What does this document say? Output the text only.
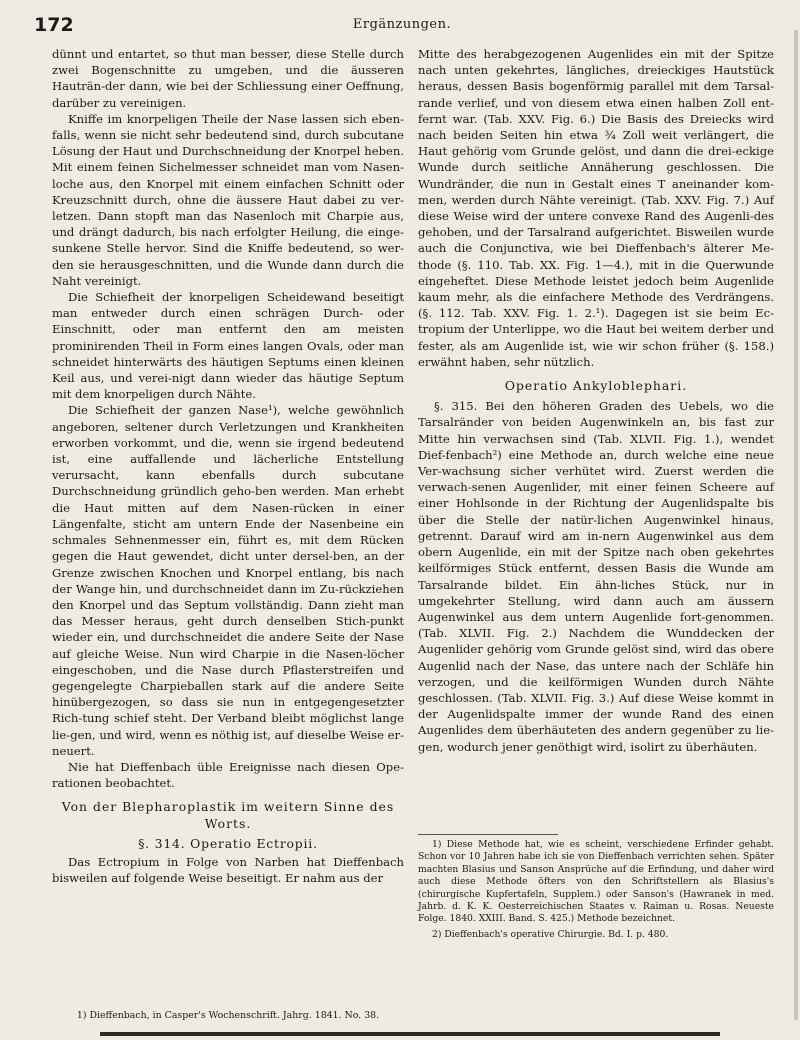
172	Ergänzungen.

dünnt und entartet, so thut man besser, diese Stelle durch zwei Bogenschnitte zu umgeben, und die äusseren Hauträn-der dann, wie bei der Schliessung einer Oeffnung, darüber zu vereinigen.

Kniffe im knorpeligen Theile der Nase lassen sich eben-falls, wenn sie nicht sehr bedeutend sind, durch subcutane Lösung der Haut und Durchschneidung der Knorpel heben. Mit einem feinen Sichelmesser schneidet man vom Nasen-loche aus, den Knorpel mit einem einfachen Schnitt oder Kreuzschnitt durch, ohne die äussere Haut dabei zu ver-letzen. Dann stopft man das Nasenloch mit Charpie aus, und drängt dadurch, bis nach erfolgter Heilung, die einge-sunkene Stelle hervor. Sind die Kniffe bedeutend, so wer-den sie herausgeschnitten, und die Wunde dann durch die Naht vereinigt.

Die Schiefheit der knorpeligen Scheidewand beseitigt man entweder durch einen schrägen Durch- oder Einschnitt, oder man entfernt den am meisten prominirenden Theil in Form eines langen Ovals, oder man schneidet hinterwärts des häutigen Septums einen kleinen Keil aus, und verei-nigt dann wieder das häutige Septum mit dem knorpeligen durch Nähte.

Die Schiefheit der ganzen Nase¹), welche gewöhnlich angeboren, seltener durch Verletzungen und Krankheiten erworben vorkommt, und die, wenn sie irgend bedeutend ist, eine auffallende und lächerliche Entstellung verursacht, kann ebenfalls durch subcutane Durchschneidung gründlich geho-ben werden. Man erhebt die Haut mitten auf dem Nasen-rücken in einer Längenfalte, sticht am untern Ende der Nasenbeine ein schmales Sehnenmesser ein, führt es, mit dem Rücken gegen die Haut gewendet, dicht unter dersel-ben, an der Grenze zwischen Knochen und Knorpel entlang, bis nach der Wange hin, und durchschneidet dann im Zu-rückziehen den Knorpel und das Septum vollständig. Dann zieht man das Messer heraus, geht durch denselben Stich-punkt wieder ein, und durchschneidet die andere Seite der Nase auf gleiche Weise. Nun wird Charpie in die Nasen-löcher eingeschoben, und die Nase durch Pflasterstreifen und gegengelegte Charpieballen stark auf die andere Seite hinübergezogen, so dass sie nun in entgegengesetzter Rich-tung schief steht. Der Verband bleibt möglichst lange lie-gen, und wird, wenn es nöthig ist, auf dieselbe Weise er-neuert.

Nie hat Dieffenbach üble Ereignisse nach diesen Ope-rationen beobachtet.

Von der Blepharoplastik im weitern Sinne des Worts.
§. 314. Operatio Ectropii.

Das Ectropium in Folge von Narben hat Dieffenbach bisweilen auf folgende Weise beseitigt. Er nahm aus der

1) Dieffenbach, in Casper's Wochenschrift. Jahrg. 1841. No. 38.

Mitte des herabgezogenen Augenlides ein mit der Spitze nach unten gekehrtes, längliches, dreieckiges Hautstück heraus, dessen Basis bogenförmig parallel mit dem Tarsal-rande verlief, und von diesem etwa einen halben Zoll ent-fernt war. (Tab. XXV. Fig. 6.) Die Basis des Dreiecks wird nach beiden Seiten hin etwa ¾ Zoll weit verlängert, die Haut gehörig vom Grunde gelöst, und dann die drei-eckige Wunde durch seitliche Annäherung geschlossen. Die Wundränder, die nun in Gestalt eines T aneinander kom-men, werden durch Nähte vereinigt. (Tab. XXV. Fig. 7.) Auf diese Weise wird der untere convexe Rand des Augenli-des gehoben, und der Tarsalrand aufgerichtet. Bisweilen wurde auch die Conjunctiva, wie bei Dieffenbach's älterer Me-thode (§. 110. Tab. XX. Fig. 1—4.), mit in die Querwunde eingeheftet. Diese Methode leistet jedoch beim Augenlide kaum mehr, als die einfachere Methode des Verdrängens. (§. 112. Tab. XXV. Fig. 1. 2.¹). Dagegen ist sie beim Ec-tropium der Unterlippe, wo die Haut bei weitem derber und fester, als am Augenlide ist, wie wir schon früher (§. 158.) erwähnt haben, sehr nützlich.

Operatio Ankyloblephari.

§. 315. Bei den höheren Graden des Uebels, wo die Tarsalränder von beiden Augenwinkeln an, bis fast zur Mitte hin verwachsen sind (Tab. XLVII. Fig. 1.), wendet Dief-fenbach²) eine Methode an, durch welche eine neue Ver-wachsung sicher verhütet wird. Zuerst werden die verwach-senen Augenlider, mit einer feinen Scheere auf einer Hohlsonde in der Richtung der Augenlidspalte bis über die Stelle der natür-lichen Augenwinkel hinaus, getrennt. Darauf wird am in-nern Augenwinkel aus dem obern Augenlide, ein mit der Spitze nach oben gekehrtes keilförmiges Stück entfernt, dessen Basis die Wunde am Tarsalrande bildet. Ein ähn-liches Stück, nur in umgekehrter Stellung, wird dann auch am äussern Augenwinkel aus dem untern Augenlide fort-genommen. (Tab. XLVII. Fig. 2.) Nachdem die Wunddecken der Augenlider gehörig vom Grunde gelöst sind, wird das obere Augenlid nach der Nase, das untere nach der Schläfe hin verzogen, und die keilförmigen Wunden durch Nähte geschlossen. (Tab. XLVII. Fig. 3.) Auf diese Weise kommt in der Augenlidspalte immer der wunde Rand des einen Augenlides dem überhäuteten des andern gegenüber zu lie-gen, wodurch jener genöthigt wird, isolirt zu überhäuten.

1) Diese Methode hat, wie es scheint, verschiedene Erfinder gehabt. Schon vor 10 Jahren habe ich sie von Dieffenbach verrichten sehen. Später machten Blasius und Sanson Ansprüche auf die Erfindung, und daher wird auch diese Methode öfters von den Schriftstellern als Blasius's (chirurgische Kupfertafeln, Supplem.) oder Sanson's (Hawranek in med. Jahrb. d. K. K. Oesterreichischen Staates v. Raiman u. Rosas. Neueste Folge. 1840. XXIII. Band. S. 425.) Methode bezeichnet.

2) Dieffenbach's operative Chirurgie. Bd. I. p. 480.
